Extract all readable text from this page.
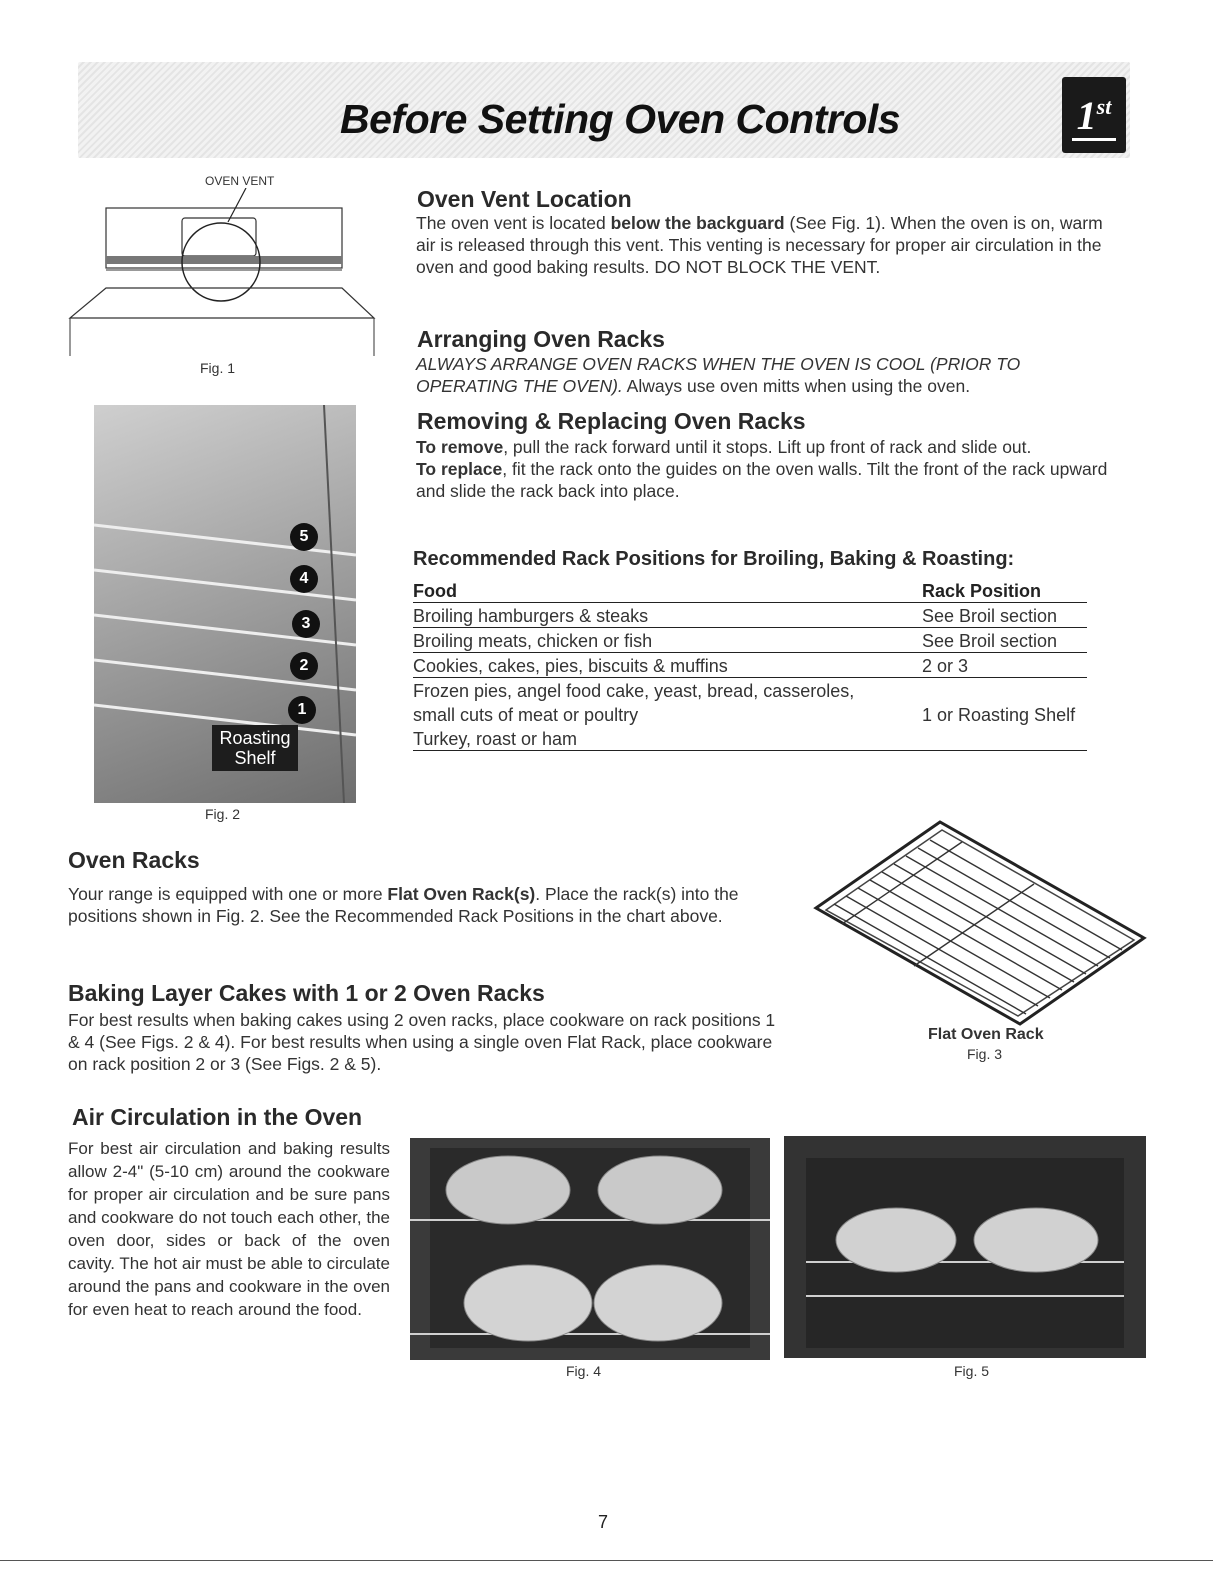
Before Setting Oven Controls	1 st
OVEN VENT
Fig. 1
5
4
3
2
1
Roasting Shelf
Fig. 2
Oven Vent Location

The oven vent is located below the backguard (See Fig. 1). When the oven is on, warm air is released through this vent. This venting is necessary for proper air circulation in the oven and good baking results. DO NOT BLOCK THE VENT.

Arranging Oven Racks

ALWAYS ARRANGE OVEN RACKS WHEN THE OVEN IS COOL (PRIOR TO OPERATING THE OVEN). Always use oven mitts when using the oven.

Removing & Replacing Oven Racks

To remove, pull the rack forward until it stops. Lift up front of rack and slide out.
To replace, fit the rack onto the guides on the oven walls. Tilt the front of the rack upward and slide the rack back into place.

Recommended Rack Positions for Broiling, Baking & Roasting:
Food	Rack Position
Broiling hamburgers & steaks	See Broil section
Broiling meats, chicken or fish	See Broil section
Cookies, cakes, pies, biscuits & muffins	2 or 3
Frozen pies, angel food cake, yeast, bread, casseroles,
small cuts of meat or poultry	1 or Roasting Shelf
Turkey, roast or ham
Oven Racks

Your range is equipped with one or more Flat Oven Rack(s). Place the rack(s) into the positions shown in Fig. 2. See the Recommended Rack Positions in the chart above.

Flat Oven Rack
Fig. 3
Baking Layer Cakes with 1 or 2 Oven Racks

For best results when baking cakes using 2 oven racks, place cookware on rack positions 1 & 4 (See Figs. 2 & 4). For best results when using a single oven Flat Rack, place cookware on rack position 2 or 3 (See Figs. 2 & 5).

Air Circulation in the Oven

For best air circulation and baking results allow 2-4" (5-10 cm) around the cookware for proper air circulation and be sure pans and cookware do not touch each other, the oven door, sides or back of the oven cavity. The hot air must be able to circulate around the pans and cookware in the oven for even heat to reach around the food.

Fig. 4	Fig. 5
7
